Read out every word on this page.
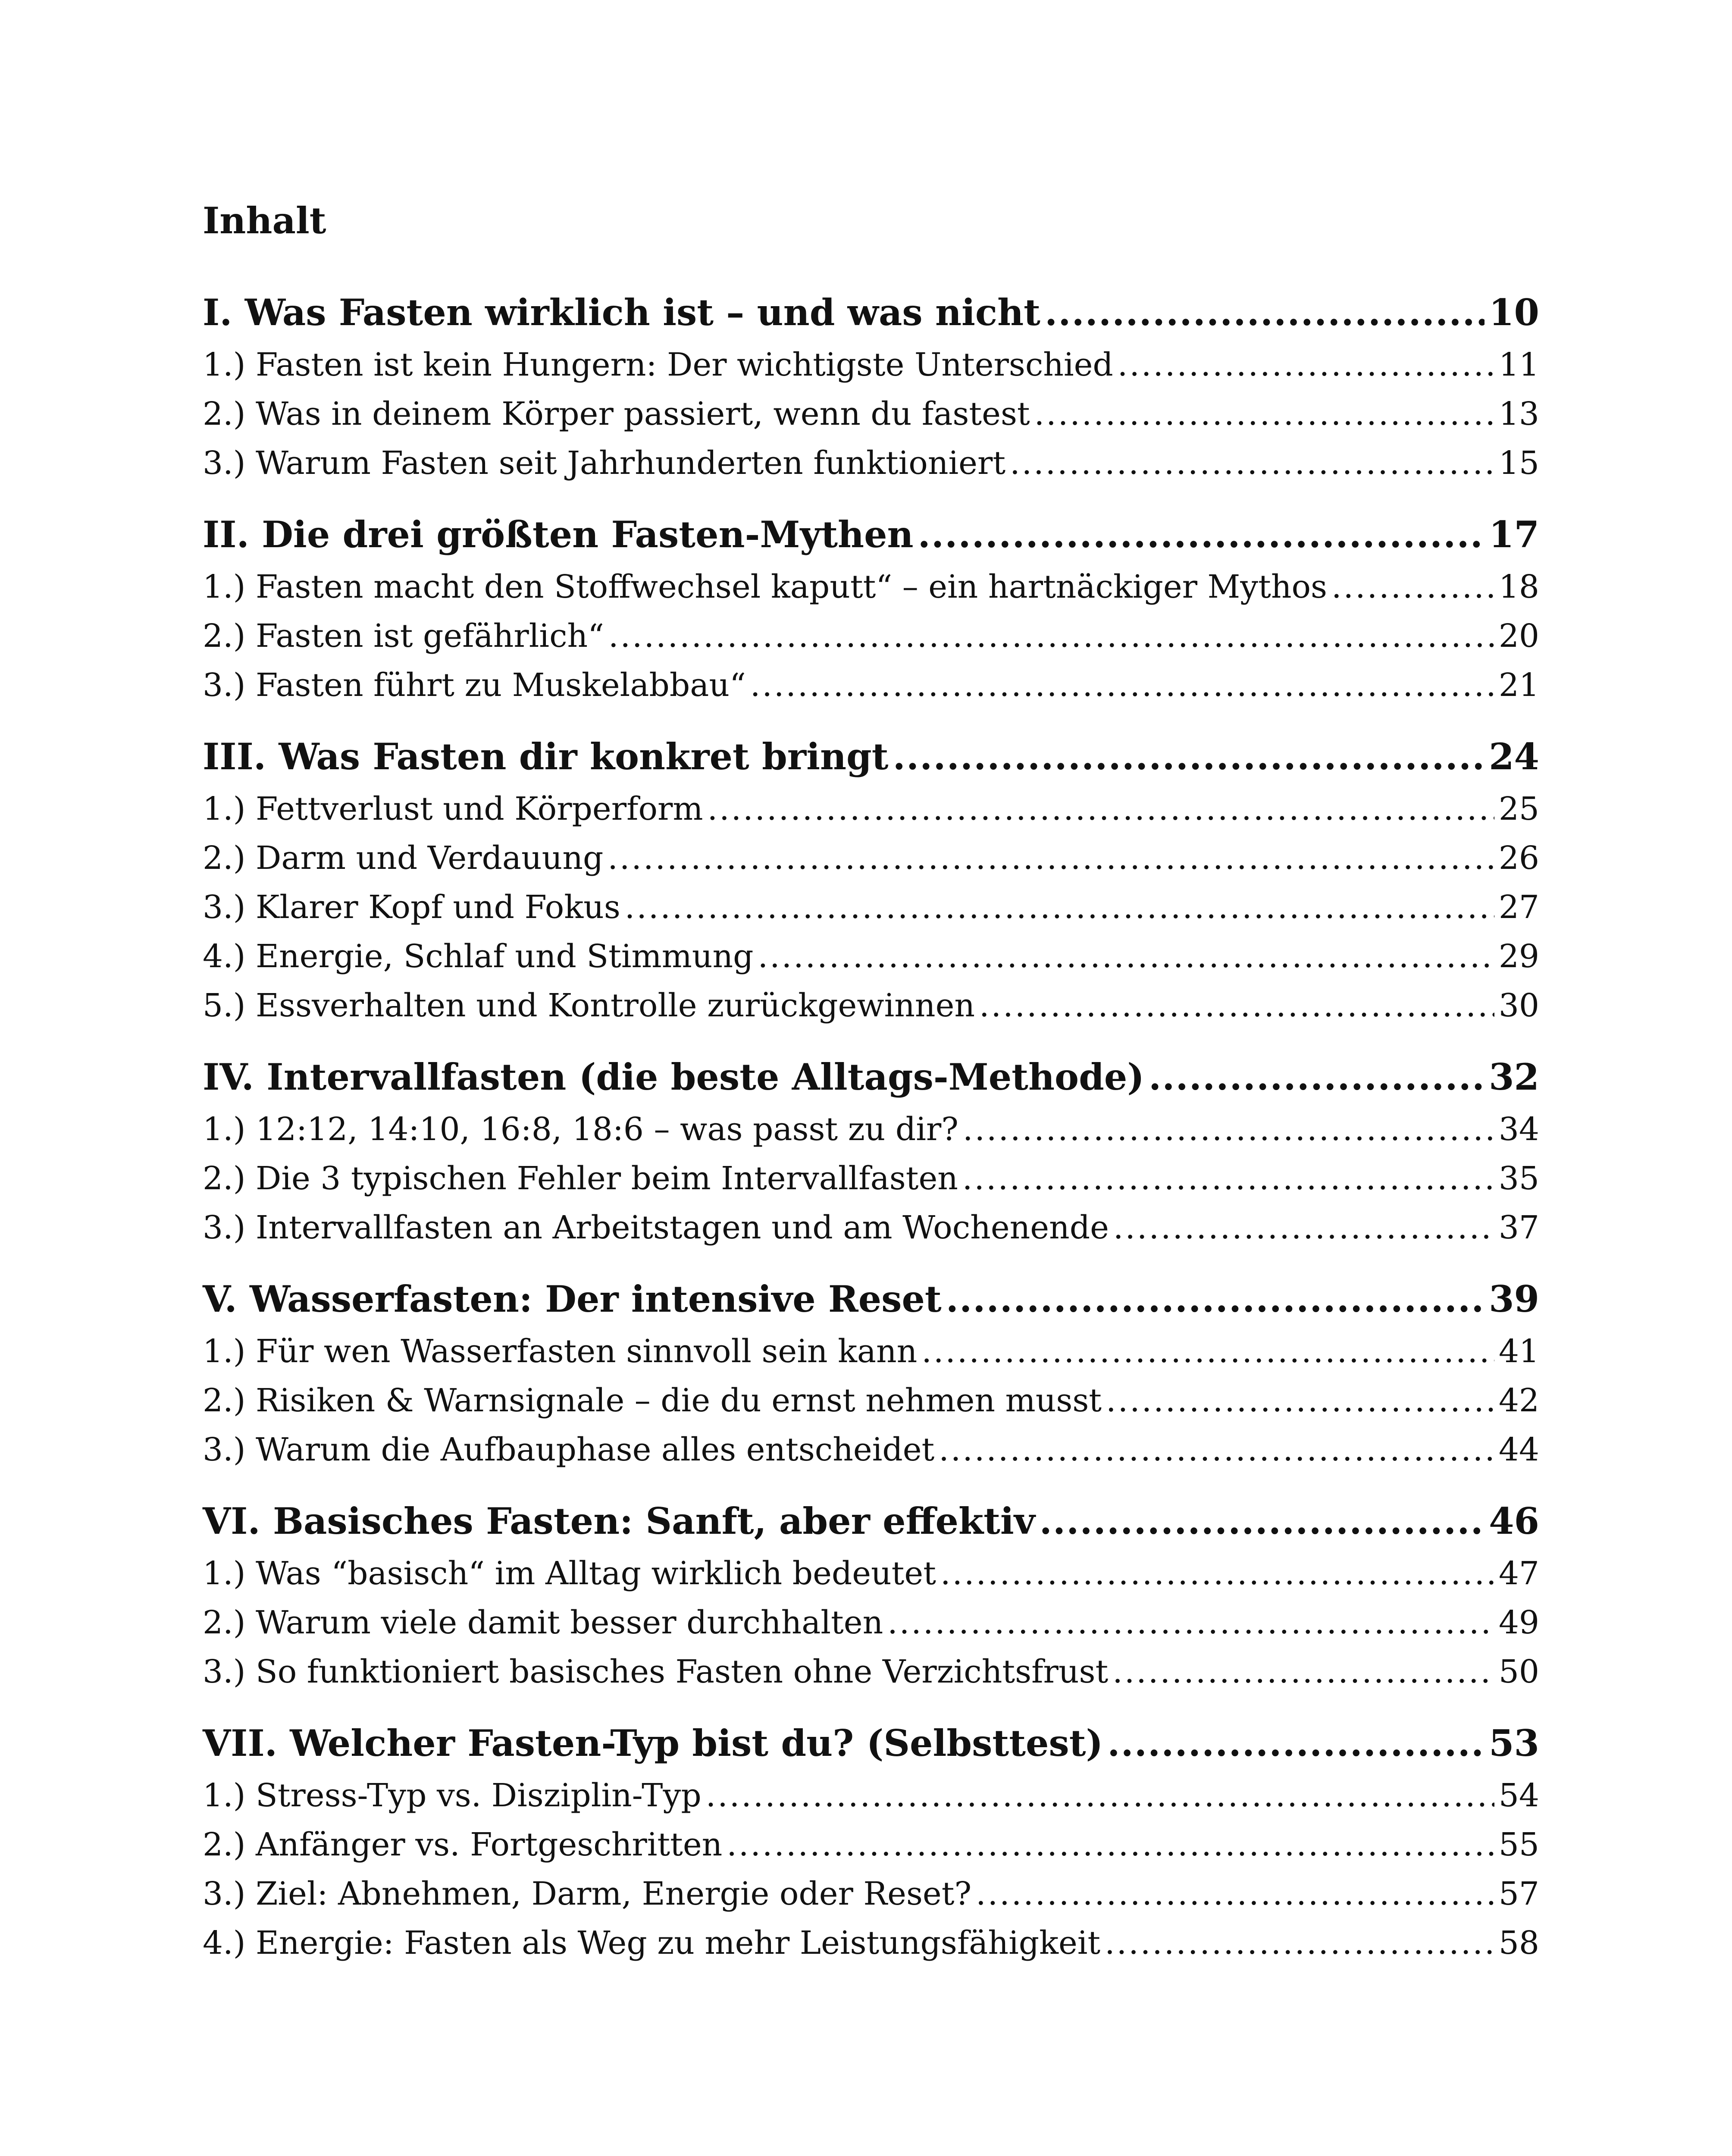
Inhalt
I. Was Fasten wirklich ist – und was nicht .....	10
1.) Fasten ist kein Hungern: Der wichtigste Unterschied .....	11
2.) Was in deinem Körper passiert, wenn du fastest .....	13
3.) Warum Fasten seit Jahrhunderten funktioniert .....	15
II. Die drei größten Fasten-Mythen .....	17
1.) Fasten macht den Stoffwechsel kaputt“ – ein hartnäckiger Mythos .....	18
2.) Fasten ist gefährlich“ .....	20
3.) Fasten führt zu Muskelabbau“ .....	21
III. Was Fasten dir konkret bringt .....	24
1.) Fettverlust und Körperform .....	25
2.) Darm und Verdauung .....	26
3.) Klarer Kopf und Fokus .....	27
4.) Energie, Schlaf und Stimmung .....	29
5.) Essverhalten und Kontrolle zurückgewinnen .....	30
IV. Intervallfasten (die beste Alltags-Methode) .....	32
1.) 12:12, 14:10, 16:8, 18:6 – was passt zu dir? .....	34
2.) Die 3 typischen Fehler beim Intervallfasten .....	35
3.) Intervallfasten an Arbeitstagen und am Wochenende .....	37
V. Wasserfasten: Der intensive Reset .....	39
1.) Für wen Wasserfasten sinnvoll sein kann .....	41
2.) Risiken & Warnsignale – die du ernst nehmen musst .....	42
3.) Warum die Aufbauphase alles entscheidet .....	44
VI. Basisches Fasten: Sanft, aber effektiv .....	46
1.) Was “basisch“ im Alltag wirklich bedeutet .....	47
2.) Warum viele damit besser durchhalten .....	49
3.) So funktioniert basisches Fasten ohne Verzichtsfrust .....	50
VII. Welcher Fasten-Typ bist du? (Selbsttest) .....	53
1.) Stress-Typ vs. Disziplin-Typ .....	54
2.) Anfänger vs. Fortgeschritten .....	55
3.) Ziel: Abnehmen, Darm, Energie oder Reset? .....	57
4.) Energie: Fasten als Weg zu mehr Leistungsfähigkeit .....	58
